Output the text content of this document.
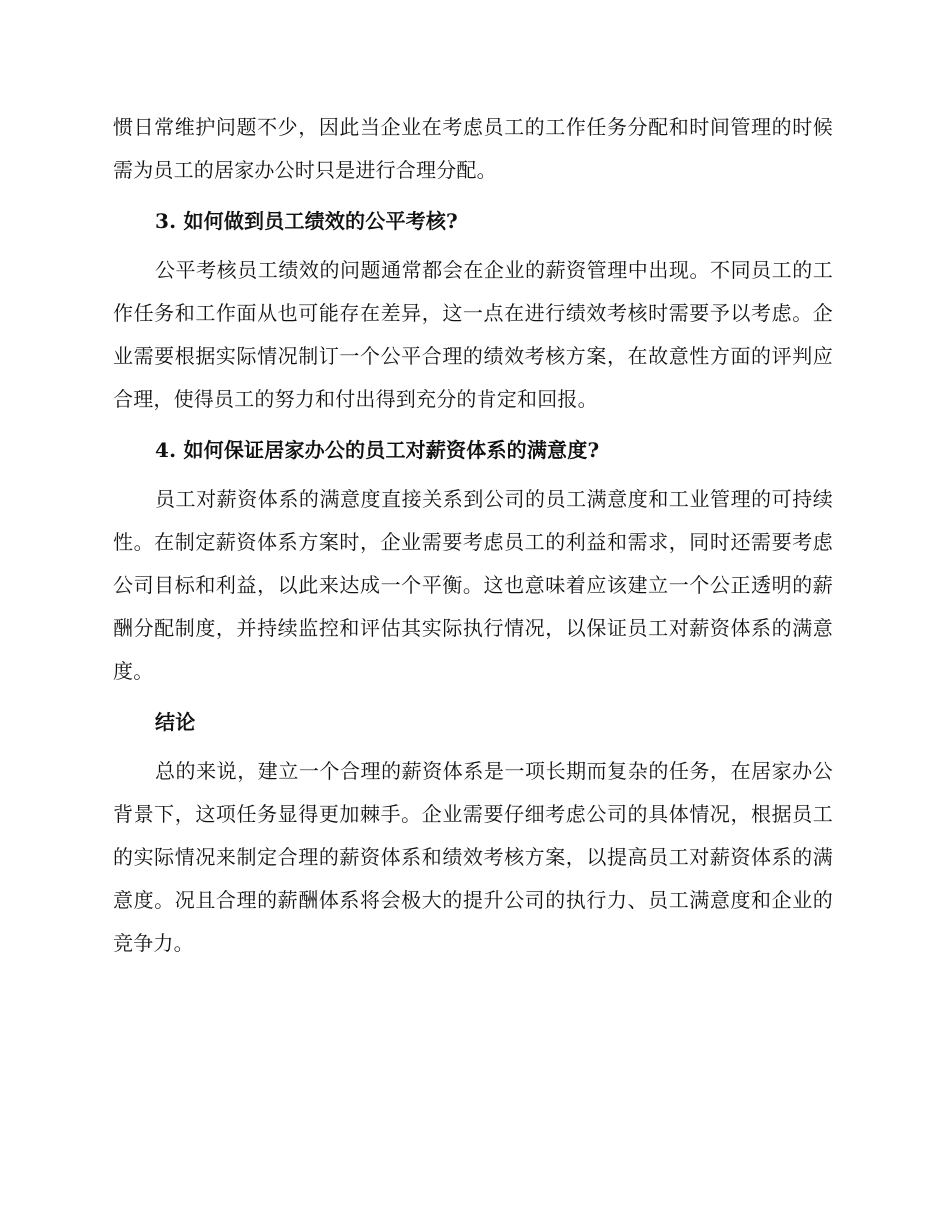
惯日常维护问题不少，因此当企业在考虑员工的工作任务分配和时间管理的时候需为员工的居家办公时只是进行合理分配。

3. 如何做到员工绩效的公平考核?

公平考核员工绩效的问题通常都会在企业的薪资管理中出现。不同员工的工作任务和工作面从也可能存在差异，这一点在进行绩效考核时需要予以考虑。企业需要根据实际情况制订一个公平合理的绩效考核方案，在故意性方面的评判应合理，使得员工的努力和付出得到充分的肯定和回报。

4. 如何保证居家办公的员工对薪资体系的满意度?

员工对薪资体系的满意度直接关系到公司的员工满意度和工业管理的可持续性。在制定薪资体系方案时，企业需要考虑员工的利益和需求，同时还需要考虑公司目标和利益，以此来达成一个平衡。这也意味着应该建立一个公正透明的薪酬分配制度，并持续监控和评估其实际执行情况，以保证员工对薪资体系的满意度。

结论

总的来说，建立一个合理的薪资体系是一项长期而复杂的任务，在居家办公背景下，这项任务显得更加棘手。企业需要仔细考虑公司的具体情况，根据员工的实际情况来制定合理的薪资体系和绩效考核方案，以提高员工对薪资体系的满意度。况且合理的薪酬体系将会极大的提升公司的执行力、员工满意度和企业的竞争力。
